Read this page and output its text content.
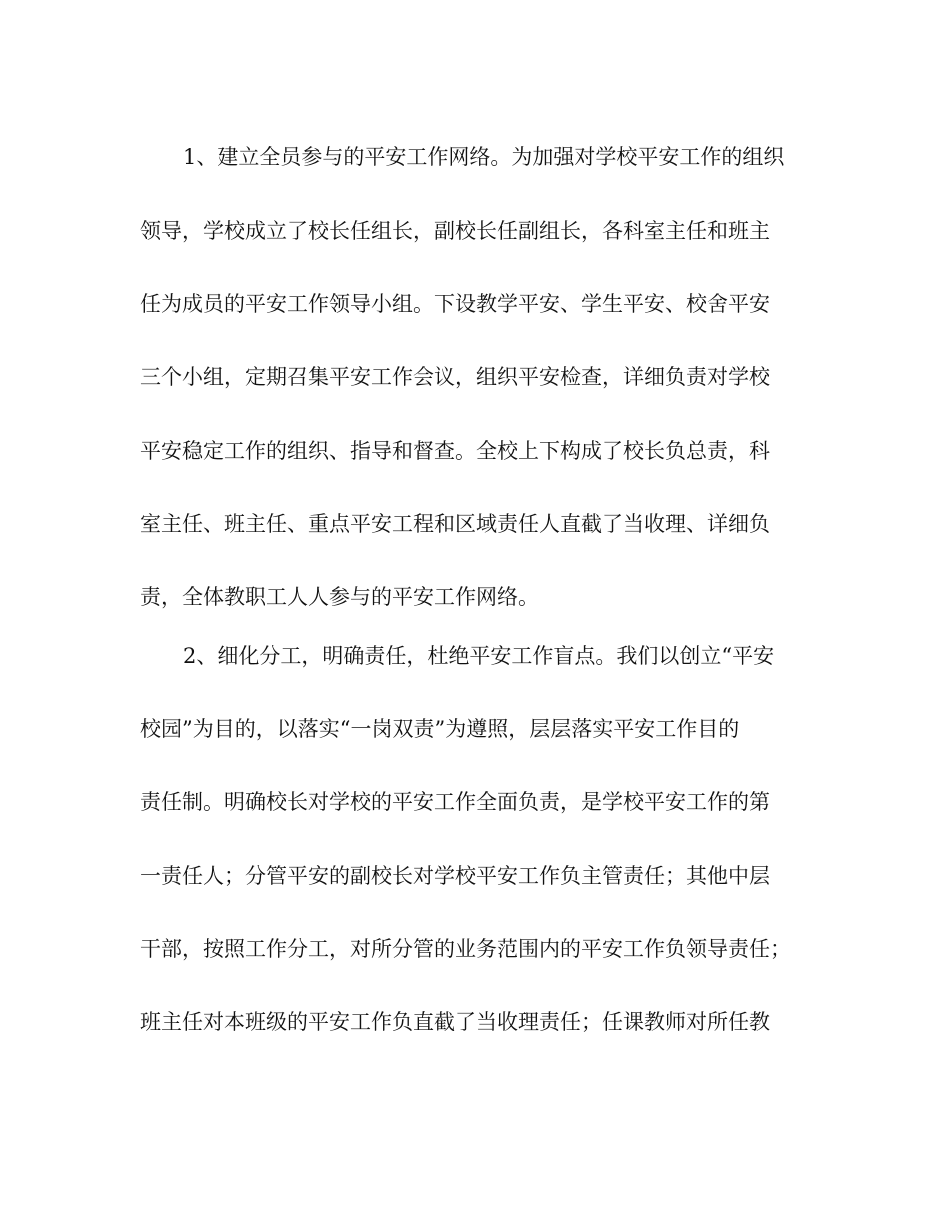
1、建立全员参与的平安工作网络。为加强对学校平安工作的组织
领导，学校成立了校长任组长，副校长任副组长，各科室主任和班主
任为成员的平安工作领导小组。下设教学平安、学生平安、校舍平安
三个小组，定期召集平安工作会议，组织平安检查，详细负责对学校
平安稳定工作的组织、指导和督查。全校上下构成了校长负总责，科
室主任、班主任、重点平安工程和区域责任人直截了当收理、详细负
责，全体教职工人人参与的平安工作网络。
2、细化分工，明确责任，杜绝平安工作盲点。我们以创立“平安
校园”为目的，以落实“一岗双责”为遵照，层层落实平安工作目的
责任制。明确校长对学校的平安工作全面负责，是学校平安工作的第
一责任人；分管平安的副校长对学校平安工作负主管责任；其他中层
干部，按照工作分工，对所分管的业务范围内的平安工作负领导责任；
班主任对本班级的平安工作负直截了当收理责任；任课教师对所任教
